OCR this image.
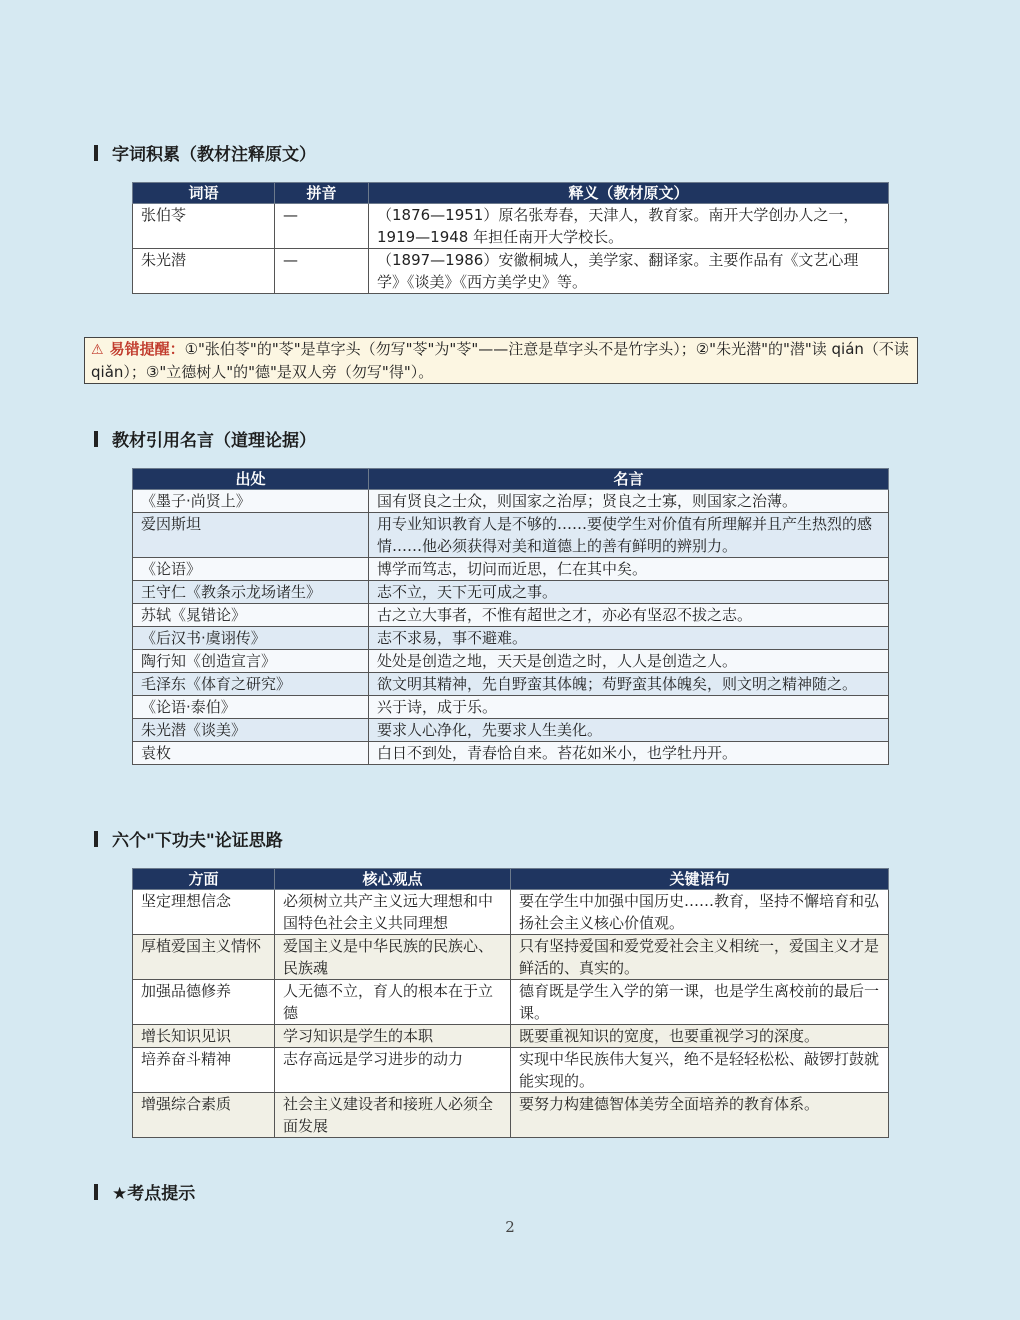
字词积累（教材注释原文）
词语	拼音	释义（教材原文）
张伯苓	—	（1876—1951）原名张寿春，天津人，教育家。南开大学创办人之一，1919—1948 年担任南开大学校长。
朱光潜	—	（1897—1986）安徽桐城人，美学家、翻译家。主要作品有《文艺心理学》《谈美》《西方美学史》等。
⚠ 易错提醒：①"张伯苓"的"苓"是草字头（勿写"苓"为"苓"——注意是草字头不是竹字头）；②"朱光潜"的"潜"读 qián（不读 qiǎn）；③"立德树人"的"德"是双人旁（勿写"得"）。
教材引用名言（道理论据）
出处	名言
《墨子·尚贤上》	国有贤良之士众，则国家之治厚；贤良之士寡，则国家之治薄。
爱因斯坦	用专业知识教育人是不够的……要使学生对价值有所理解并且产生热烈的感情……他必须获得对美和道德上的善有鲜明的辨别力。
《论语》	博学而笃志，切问而近思，仁在其中矣。
王守仁《教条示龙场诸生》	志不立，天下无可成之事。
苏轼《晁错论》	古之立大事者，不惟有超世之才，亦必有坚忍不拔之志。
《后汉书·虞诩传》	志不求易，事不避难。
陶行知《创造宣言》	处处是创造之地，天天是创造之时，人人是创造之人。
毛泽东《体育之研究》	欲文明其精神，先自野蛮其体魄；苟野蛮其体魄矣，则文明之精神随之。
《论语·泰伯》	兴于诗，成于乐。
朱光潜《谈美》	要求人心净化，先要求人生美化。
袁枚	白日不到处，青春恰自来。苔花如米小，也学牡丹开。
六个"下功夫"论证思路
方面	核心观点	关键语句
坚定理想信念	必须树立共产主义远大理想和中国特色社会主义共同理想	要在学生中加强中国历史……教育，坚持不懈培育和弘扬社会主义核心价值观。
厚植爱国主义情怀	爱国主义是中华民族的民族心、民族魂	只有坚持爱国和爱党爱社会主义相统一，爱国主义才是鲜活的、真实的。
加强品德修养	人无德不立，育人的根本在于立德	德育既是学生入学的第一课，也是学生离校前的最后一课。
增长知识见识	学习知识是学生的本职	既要重视知识的宽度，也要重视学习的深度。
培养奋斗精神	志存高远是学习进步的动力	实现中华民族伟大复兴，绝不是轻轻松松、敲锣打鼓就能实现的。
增强综合素质	社会主义建设者和接班人必须全面发展	要努力构建德智体美劳全面培养的教育体系。
★考点提示
2
